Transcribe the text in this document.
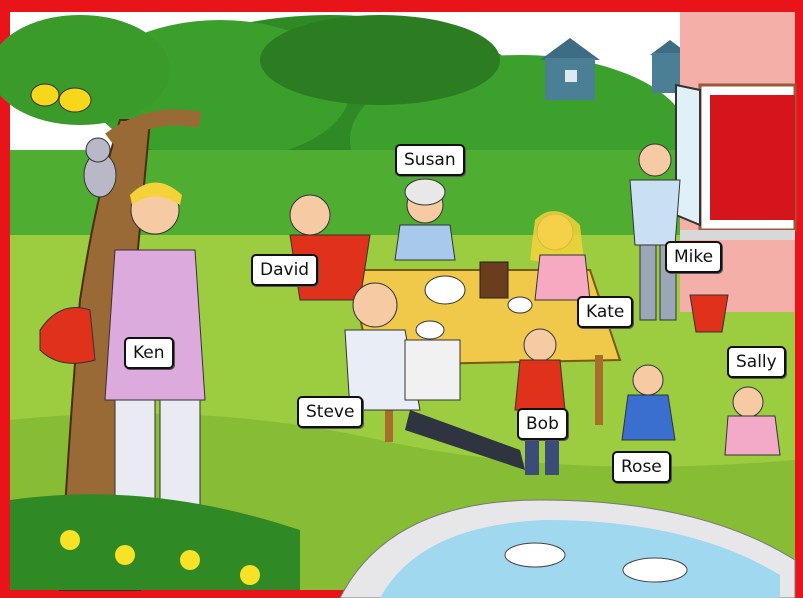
Susan
David
Mike
Kate
Ken	Sally
Steve
Bob
Rose
